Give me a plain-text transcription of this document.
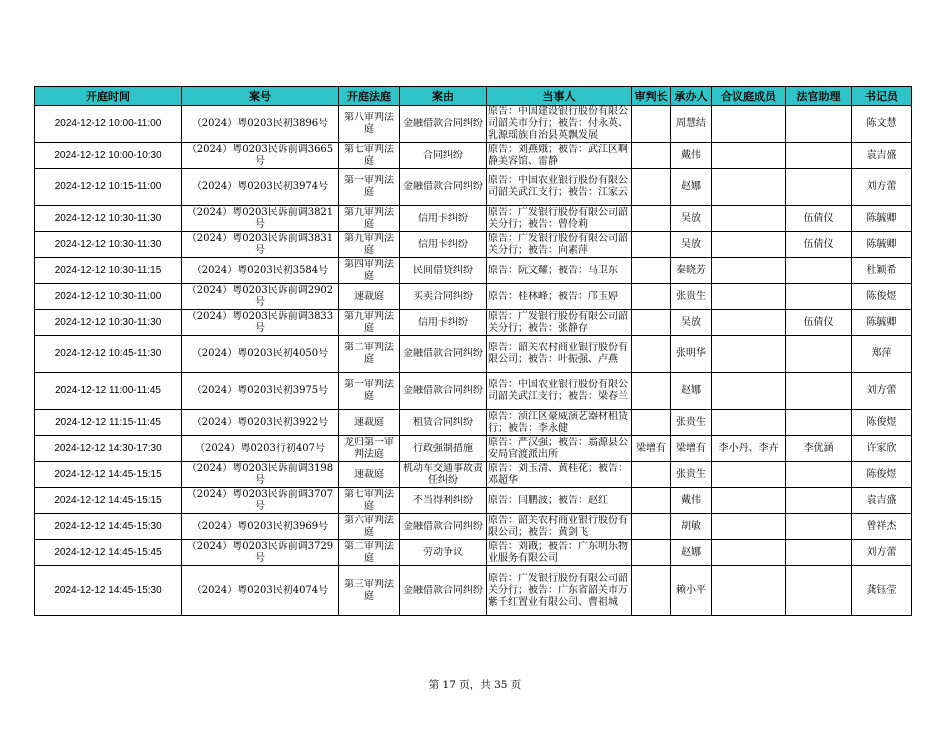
开庭时间	案号	开庭法庭	案由	当事人	审判长	承办人	合议庭成员	法官助理	书记员
2024-12-12 10:00-11:00	（2024）粤0203民初3896号	第八审判法庭	金融借款合同纠纷	原告：中国建设银行股份有限公司韶关市分行；被告：付永英、乳源瑶族自治县英飘发展		周慧结			陈文慧
2024-12-12 10:00-10:30	（2024）粤0203民诉前调3665号	第七审判法庭	合同纠纷	原告：刘燕娥；被告：武江区啊静美容馆、雷静		戴伟			袁吉盛
2024-12-12 10:15-11:00	（2024）粤0203民初3974号	第一审判法庭	金融借款合同纠纷	原告：中国农业银行股份有限公司韶关武江支行；被告：江家云		赵娜			刘方蕾
2024-12-12 10:30-11:30	（2024）粤0203民诉前调3821号	第九审判法庭	信用卡纠纷	原告：广发银行股份有限公司韶关分行；被告：曾伶莉		吴放		伍倩仪	陈毓卿
2024-12-12 10:30-11:30	（2024）粤0203民诉前调3831号	第九审判法庭	信用卡纠纷	原告：广发银行股份有限公司韶关分行；被告：向素萍		吴放		伍倩仪	陈毓卿
2024-12-12 10:30-11:15	（2024）粤0203民初3584号	第四审判法庭	民间借贷纠纷	原告：阮文耀；被告：马卫东		秦晓芳			杜颖希
2024-12-12 10:30-11:00	（2024）粤0203民诉前调2902号	速裁庭	买卖合同纠纷	原告：桂林峰；被告：邝玉婷		张贵生			陈俊煜
2024-12-12 10:30-11:30	（2024）粤0203民诉前调3833号	第九审判法庭	信用卡纠纷	原告：广发银行股份有限公司韶关分行；被告：张静存		吴放		伍倩仪	陈毓卿
2024-12-12 10:45-11:30	（2024）粤0203民初4050号	第二审判法庭	金融借款合同纠纷	原告：韶关农村商业银行股份有限公司；被告：叶振强、卢燕		张明华			郑萍
2024-12-12 11:00-11:45	（2024）粤0203民初3975号	第一审判法庭	金融借款合同纠纷	原告：中国农业银行股份有限公司韶关武江支行；被告：梁春兰		赵娜			刘方蕾
2024-12-12 11:15-11:45	（2024）粤0203民初3922号	速裁庭	租赁合同纠纷	原告：浈江区豪威演艺器材租赁行；被告：李永健		张贵生			陈俊煜
2024-12-12 14:30-17:30	（2024）粤0203行初407号	龙归第一审判法庭	行政强制措施	原告：严汉强；被告：翁源县公安局官渡派出所	梁增有	梁增有	李小丹、李卉	李优涵	许家欣
2024-12-12 14:45-15:15	（2024）粤0203民诉前调3198号	速裁庭	机动车交通事故责任纠纷	原告：刘玉清、黄桂花；被告：邓超华		张贵生			陈俊煜
2024-12-12 14:45-15:15	（2024）粤0203民诉前调3707号	第七审判法庭	不当得利纠纷	原告：闫鹏波；被告：赵红		戴伟			袁吉盛
2024-12-12 14:45-15:30	（2024）粤0203民初3969号	第六审判法庭	金融借款合同纠纷	原告：韶关农村商业银行股份有限公司；被告：黄剑飞		胡敏			曾祥杰
2024-12-12 14:45-15:45	（2024）粤0203民诉前调3729号	第二审判法庭	劳动争议	原告：刘戡；被告：广东明乐物业服务有限公司		赵娜			刘方蕾
2024-12-12 14:45-15:30	（2024）粤0203民初4074号	第三审判法庭	金融借款合同纠纷	原告：广发银行股份有限公司韶关分行；被告：广东省韶关市万紫千红置业有限公司、曹祖城		赖小平			龚钰莹
第 17 页，共 35 页
